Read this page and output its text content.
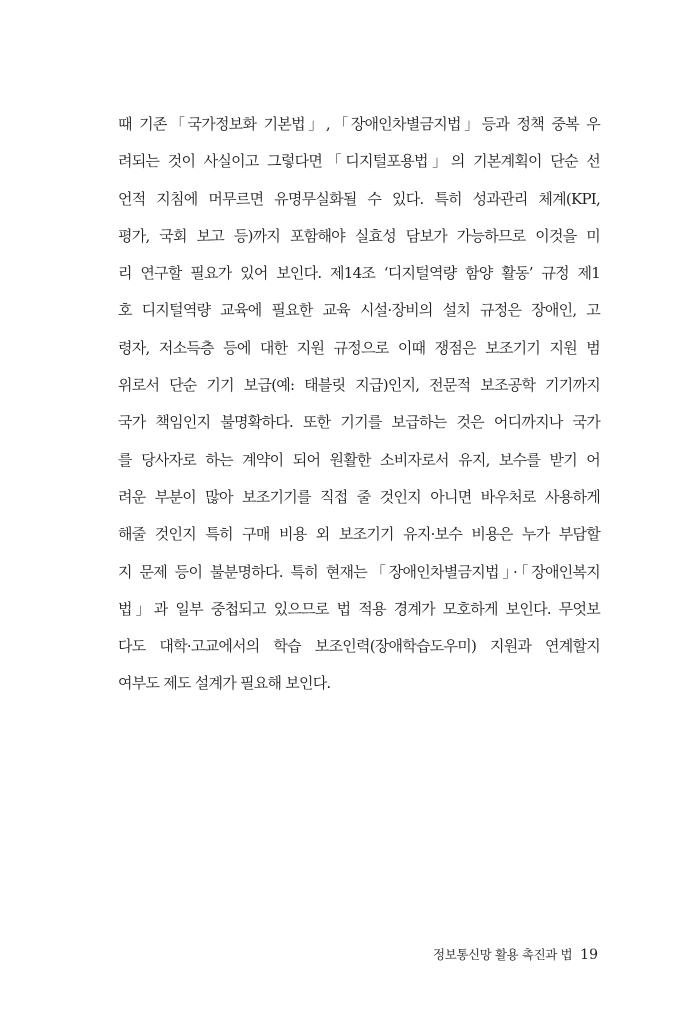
때 기존「국가정보화 기본법」,「장애인차별금지법」등과 정책 중복 우
려되는 것이 사실이고 그렇다면「디지털포용법」의 기본계획이 단순 선
언적 지침에 머무르면 유명무실화될 수 있다. 특히 성과관리 체계(KPI,
평가, 국회 보고 등)까지 포함해야 실효성 담보가 가능하므로 이것을 미
리 연구할 필요가 있어 보인다. 제14조 ‘디지털역량 함양 활동’ 규정 제1
호 디지털역량 교육에 필요한 교육 시설·장비의 설치 규정은 장애인, 고
령자, 저소득층 등에 대한 지원 규정으로 이때 쟁점은 보조기기 지원 범
위로서 단순 기기 보급(예: 태블릿 지급)인지, 전문적 보조공학 기기까지
국가 책임인지 불명확하다. 또한 기기를 보급하는 것은 어디까지나 국가
를 당사자로 하는 계약이 되어 원활한 소비자로서 유지, 보수를 받기 어
려운 부분이 많아 보조기기를 직접 줄 것인지 아니면 바우처로 사용하게
해줄 것인지 특히 구매 비용 외 보조기기 유지·보수 비용은 누가 부담할
지 문제 등이 불분명하다. 특히 현재는「장애인차별금지법」·「장애인복지
법」과 일부 중첩되고 있으므로 법 적용 경계가 모호하게 보인다. 무엇보
다도 대학·고교에서의 학습 보조인력(장애학습도우미) 지원과 연계할지
여부도 제도 설계가 필요해 보인다.
정보통신망 활용 촉진과 법 19
